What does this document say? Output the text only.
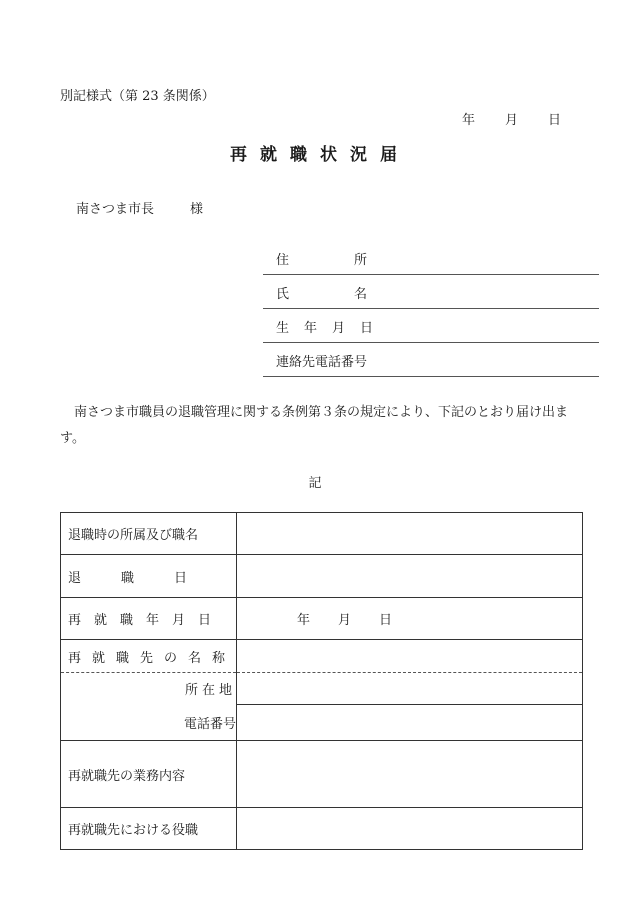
別記様式（第 23 条関係）
年 月 日
再就職状況届
南さつま市長	様
住所
氏名
生年月日
連絡先電話番号
南さつま市職員の退職管理に関する条例第３条の規定により、下記のとおり届け出ます。
記
退職時の所属及び職名	
退職日	
再就職年月日	年 月 日
再就職先の名称	
所在地	
電話番号	
再就職先の業務内容	
再就職先における役職	
